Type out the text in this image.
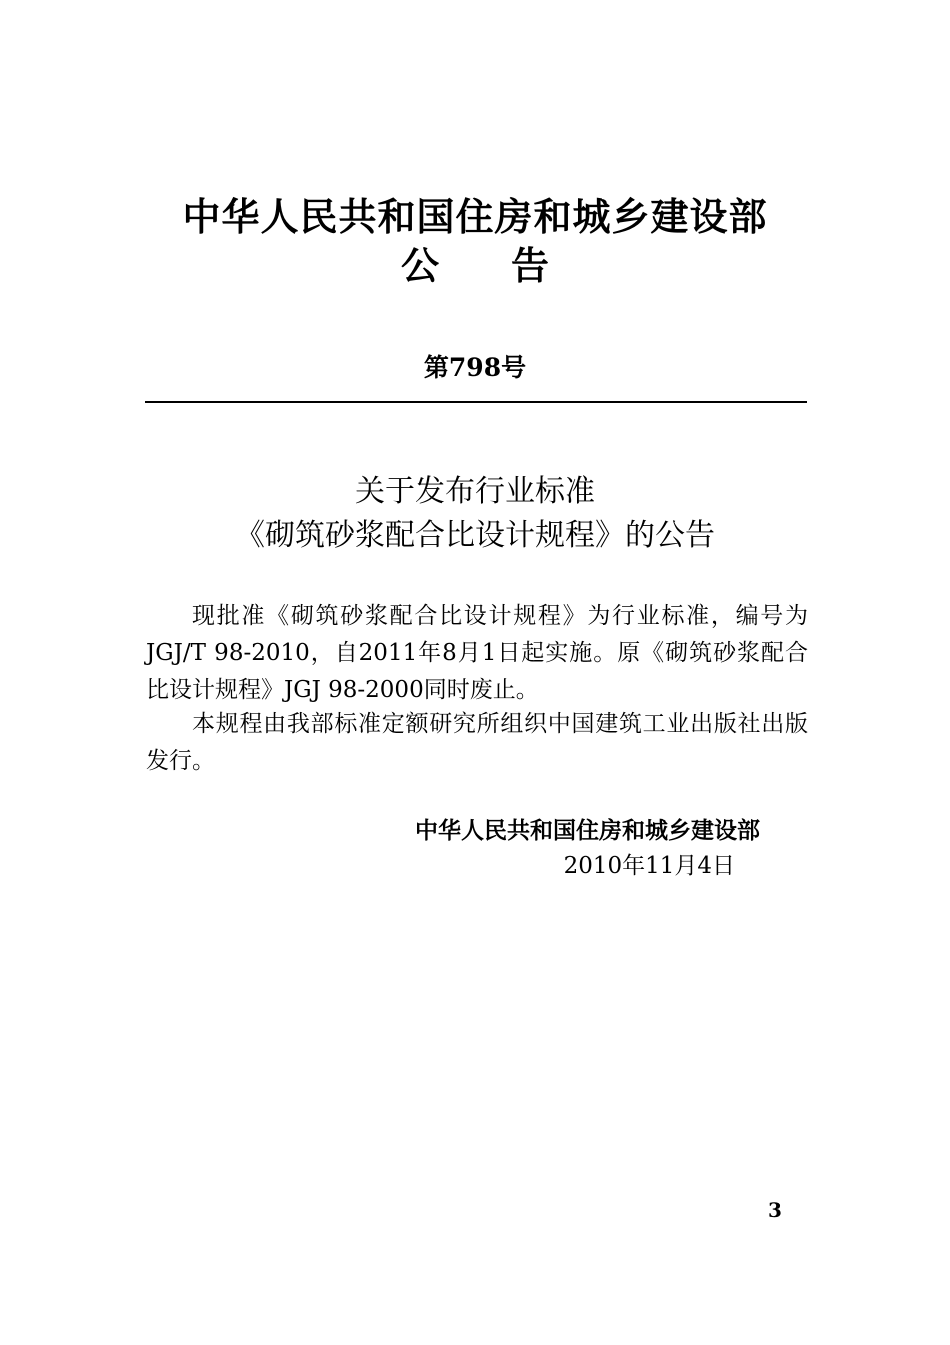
中华人民共和国住房和城乡建设部
公告
第798号
关于发布行业标准
《砌筑砂浆配合比设计规程》的公告
现批准《砌筑砂浆配合比设计规程》为行业标准，编号为JGJ/T 98-2010，自2011年8月1日起实施。原《砌筑砂浆配合比设计规程》JGJ 98-2000同时废止。
本规程由我部标准定额研究所组织中国建筑工业出版社出版发行。
中华人民共和国住房和城乡建设部
2010年11月4日
3
